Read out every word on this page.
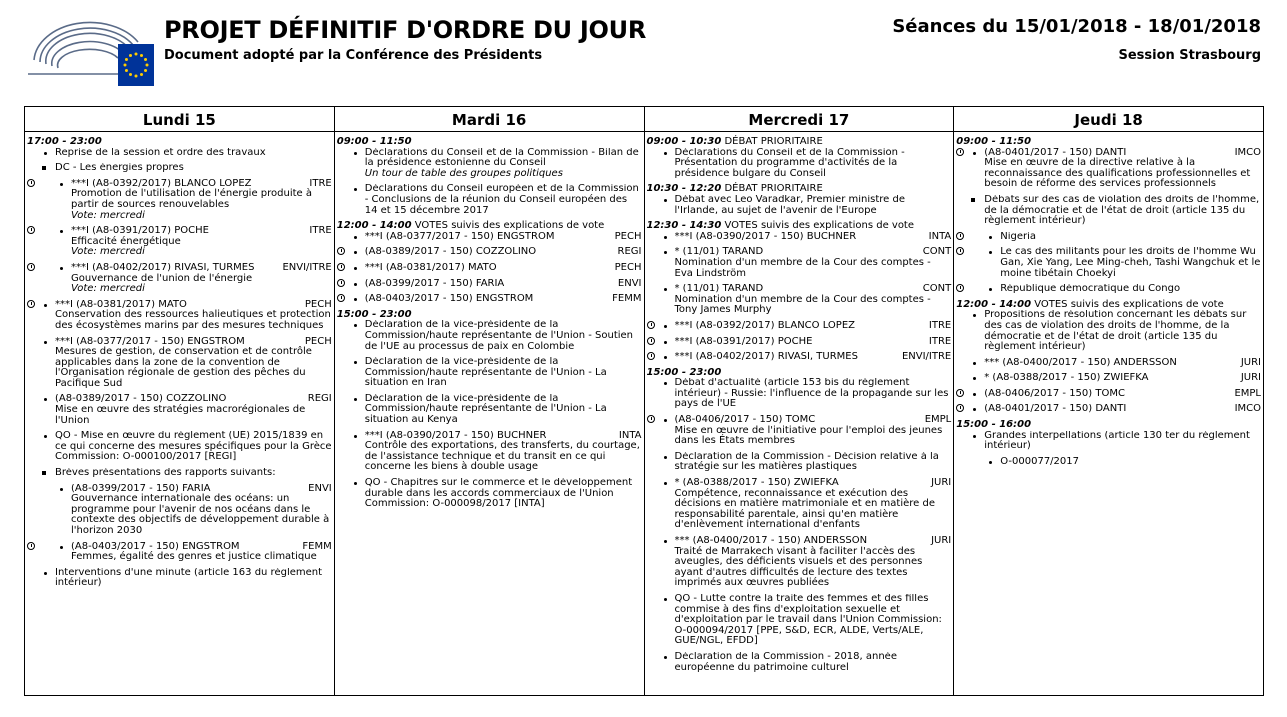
PROJET DÉFINITIF D'ORDRE DU JOUR
Document adopté par la Conférence des Présidents
Séances du 15/01/2018 - 18/01/2018
Session Strasbourg
Lundi 15
17:00 - 23:00
Reprise de la session et ordre des travaux
DC - Les énergies propres
***I (A8-0392/2017) BLANCO LÓPEZ	ITRE
Promotion de l'utilisation de l'énergie produite à partir de sources renouvelables
Vote: mercredi
***I (A8-0391/2017) POCHE	ITRE
Efficacité énergétique
Vote: mercredi
***I (A8-0402/2017) RIVASI, TURMES	ENVI/ITRE
Gouvernance de l'union de l'énergie
Vote: mercredi
***I (A8-0381/2017) MATO	PECH
Conservation des ressources halieutiques et protection des écosystèmes marins par des mesures techniques
***I (A8-0377/2017 - 150) ENGSTRÖM	PECH
Mesures de gestion, de conservation et de contrôle applicables dans la zone de la convention de l'Organisation régionale de gestion des pêches du Pacifique Sud
(A8-0389/2017 - 150) COZZOLINO	REGI
Mise en œuvre des stratégies macrorégionales de l'Union
QO - Mise en œuvre du règlement (UE) 2015/1839 en ce qui concerne des mesures spécifiques pour la Grèce Commission: O-000100/2017 [REGI]
Brèves présentations des rapports suivants:
(A8-0399/2017 - 150) FARIA	ENVI
Gouvernance internationale des océans: un programme pour l'avenir de nos océans dans le contexte des objectifs de développement durable à l'horizon 2030
(A8-0403/2017 - 150) ENGSTRÖM	FEMM
Femmes, égalité des genres et justice climatique
Interventions d'une minute (article 163 du règlement intérieur)
Mardi 16
09:00 - 11:50
Déclarations du Conseil et de la Commission - Bilan de la présidence estonienne du Conseil
Un tour de table des groupes politiques
Déclarations du Conseil européen et de la Commission - Conclusions de la réunion du Conseil européen des 14 et 15 décembre 2017
12:00 - 14:00 VOTES suivis des explications de vote
***I (A8-0377/2017 - 150) ENGSTRÖM	PECH
(A8-0389/2017 - 150) COZZOLINO	REGI
***I (A8-0381/2017) MATO	PECH
(A8-0399/2017 - 150) FARIA	ENVI
(A8-0403/2017 - 150) ENGSTRÖM	FEMM
15:00 - 23:00
Déclaration de la vice-présidente de la Commission/haute représentante de l'Union - Soutien de l'UE au processus de paix en Colombie
Déclaration de la vice-présidente de la Commission/haute représentante de l'Union - La situation en Iran
Déclaration de la vice-présidente de la Commission/haute représentante de l'Union - La situation au Kenya
***I (A8-0390/2017 - 150) BUCHNER	INTA
Contrôle des exportations, des transferts, du courtage, de l'assistance technique et du transit en ce qui concerne les biens à double usage
QO - Chapitres sur le commerce et le développement durable dans les accords commerciaux de l'Union Commission: O-000098/2017 [INTA]
Mercredi 17
09:00 - 10:30 DÉBAT PRIORITAIRE
Déclarations du Conseil et de la Commission - Présentation du programme d'activités de la présidence bulgare du Conseil
10:30 - 12:20 DÉBAT PRIORITAIRE
Débat avec Leo Varadkar, Premier ministre de l'Irlande, au sujet de l'avenir de l'Europe
12:30 - 14:30 VOTES suivis des explications de vote
***I (A8-0390/2017 - 150) BUCHNER	INTA
* (11/01) TARAND	CONT
Nomination d'un membre de la Cour des comptes - Eva Lindström
* (11/01) TARAND	CONT
Nomination d'un membre de la Cour des comptes - Tony James Murphy
***I (A8-0392/2017) BLANCO LÓPEZ	ITRE
***I (A8-0391/2017) POCHE	ITRE
***I (A8-0402/2017) RIVASI, TURMES	ENVI/ITRE
15:00 - 23:00
Débat d'actualité (article 153 bis du règlement intérieur) - Russie: l'influence de la propagande sur les pays de l'UE
(A8-0406/2017 - 150) TOMC	EMPL
Mise en œuvre de l'initiative pour l'emploi des jeunes dans les États membres
Déclaration de la Commission - Décision relative à la stratégie sur les matières plastiques
* (A8-0388/2017 - 150) ZWIEFKA	JURI
Compétence, reconnaissance et exécution des décisions en matière matrimoniale et en matière de responsabilité parentale, ainsi qu'en matière d'enlèvement international d'enfants
*** (A8-0400/2017 - 150) ANDERSSON	JURI
Traité de Marrakech visant à faciliter l'accès des aveugles, des déficients visuels et des personnes ayant d'autres difficultés de lecture des textes imprimés aux œuvres publiées
QO - Lutte contre la traite des femmes et des filles commise à des fins d'exploitation sexuelle et d'exploitation par le travail dans l'Union Commission: O-000094/2017 [PPE, S&D, ECR, ALDE, Verts/ALE, GUE/NGL, EFDD]
Déclaration de la Commission - 2018, année européenne du patrimoine culturel
Jeudi 18
09:00 - 11:50
(A8-0401/2017 - 150) DANTI	IMCO
Mise en œuvre de la directive relative à la reconnaissance des qualifications professionnelles et besoin de réforme des services professionnels
Débats sur des cas de violation des droits de l'homme, de la démocratie et de l'état de droit (article 135 du règlement intérieur)
Nigeria
Le cas des militants pour les droits de l'homme Wu Gan, Xie Yang, Lee Ming-cheh, Tashi Wangchuk et le moine tibétain Choekyi
République démocratique du Congo
12:00 - 14:00 VOTES suivis des explications de vote
Propositions de résolution concernant les débats sur des cas de violation des droits de l'homme, de la démocratie et de l'état de droit (article 135 du règlement intérieur)
*** (A8-0400/2017 - 150) ANDERSSON	JURI
* (A8-0388/2017 - 150) ZWIEFKA	JURI
(A8-0406/2017 - 150) TOMC	EMPL
(A8-0401/2017 - 150) DANTI	IMCO
15:00 - 16:00
Grandes interpellations (article 130 ter du règlement intérieur)
O-000077/2017
